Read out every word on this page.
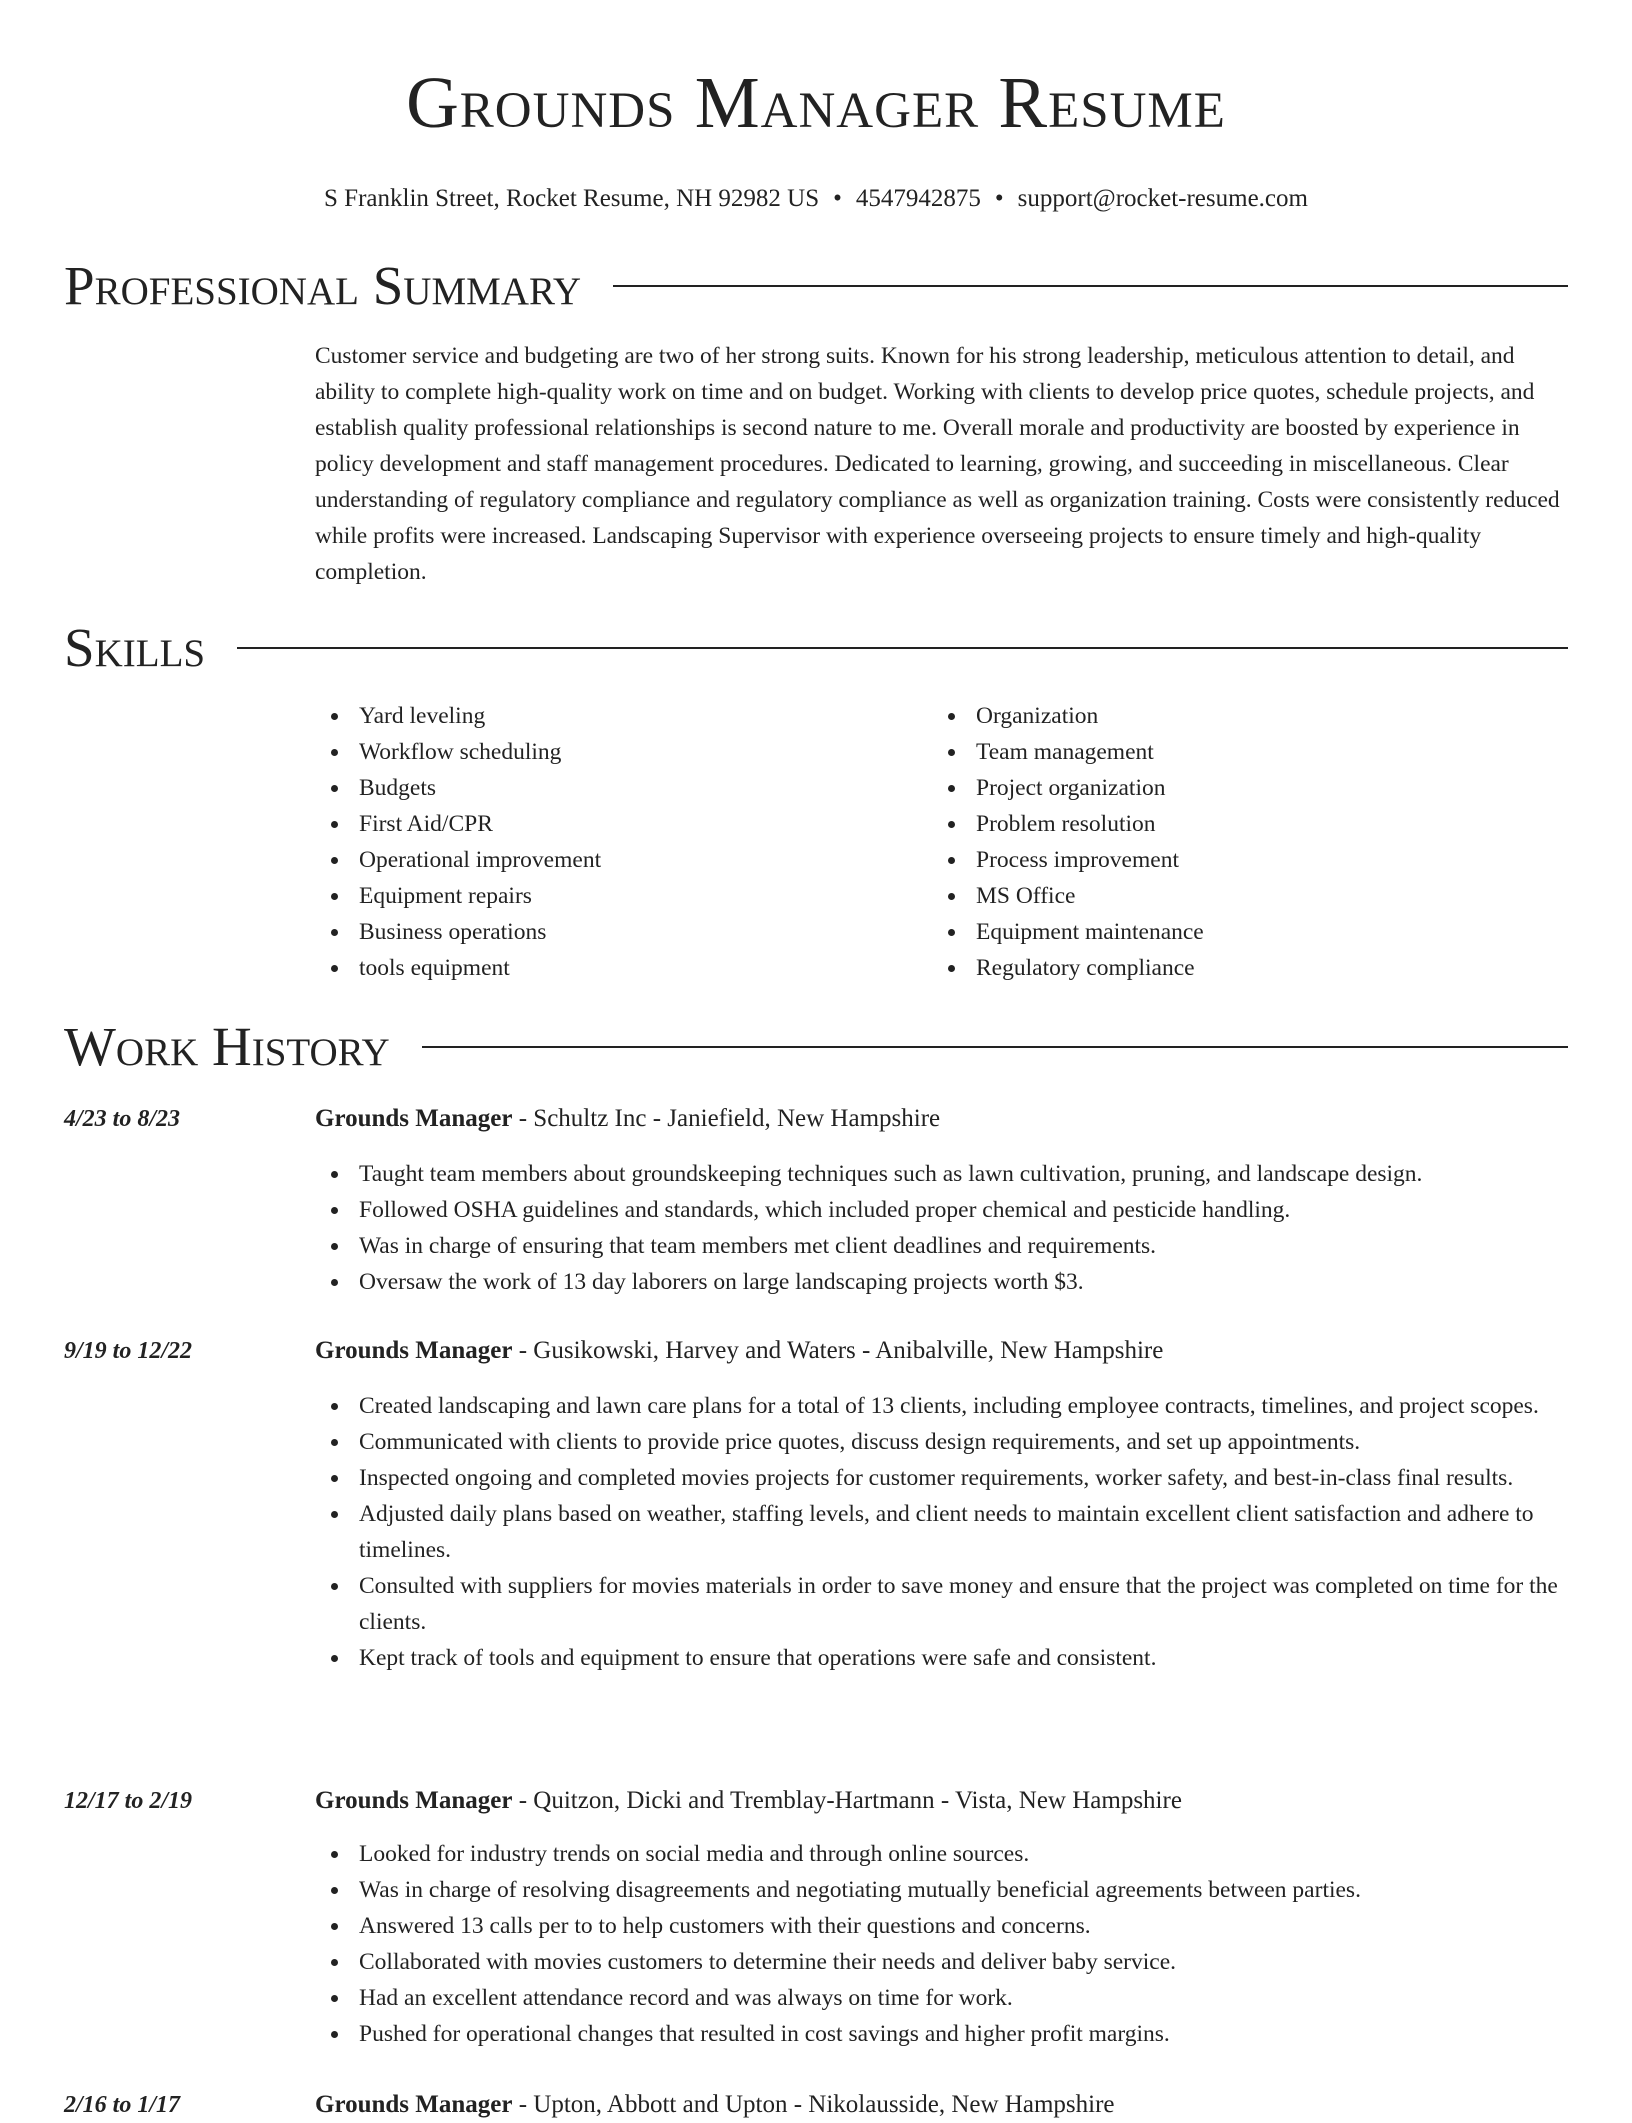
Grounds Manager Resume
S Franklin Street, Rocket Resume, NH 92982 US • 4547942875 • support@rocket-resume.com
Professional Summary

Customer service and budgeting are two of her strong suits. Known for his strong leadership, meticulous attention to detail, and ability to complete high-quality work on time and on budget. Working with clients to develop price quotes, schedule projects, and establish quality professional relationships is second nature to me. Overall morale and productivity are boosted by experience in policy development and staff management procedures. Dedicated to learning, growing, and succeeding in miscellaneous. Clear understanding of regulatory compliance and regulatory compliance as well as organization training. Costs were consistently reduced while profits were increased. Landscaping Supervisor with experience overseeing projects to ensure timely and high-quality completion.

Skills
Yard leveling
Workflow scheduling
Budgets
First Aid/CPR
Operational improvement
Equipment repairs
Business operations
tools equipment
Organization
Team management
Project organization
Problem resolution
Process improvement
MS Office
Equipment maintenance
Regulatory compliance
Work History
4/23 to 8/23	Grounds Manager - Schultz Inc - Janiefield, New Hampshire
Taught team members about groundskeeping techniques such as lawn cultivation, pruning, and landscape design.
Followed OSHA guidelines and standards, which included proper chemical and pesticide handling.
Was in charge of ensuring that team members met client deadlines and requirements.
Oversaw the work of 13 day laborers on large landscaping projects worth $3.
9/19 to 12/22	Grounds Manager - Gusikowski, Harvey and Waters - Anibalville, New Hampshire
Created landscaping and lawn care plans for a total of 13 clients, including employee contracts, timelines, and project scopes.
Communicated with clients to provide price quotes, discuss design requirements, and set up appointments.
Inspected ongoing and completed movies projects for customer requirements, worker safety, and best-in-class final results.
Adjusted daily plans based on weather, staffing levels, and client needs to maintain excellent client satisfaction and adhere to timelines.
Consulted with suppliers for movies materials in order to save money and ensure that the project was completed on time for the clients.
Kept track of tools and equipment to ensure that operations were safe and consistent.
12/17 to 2/19	Grounds Manager - Quitzon, Dicki and Tremblay-Hartmann - Vista, New Hampshire
Looked for industry trends on social media and through online sources.
Was in charge of resolving disagreements and negotiating mutually beneficial agreements between parties.
Answered 13 calls per to to help customers with their questions and concerns.
Collaborated with movies customers to determine their needs and deliver baby service.
Had an excellent attendance record and was always on time for work.
Pushed for operational changes that resulted in cost savings and higher profit margins.
2/16 to 1/17	Grounds Manager - Upton, Abbott and Upton - Nikolausside, New Hampshire
